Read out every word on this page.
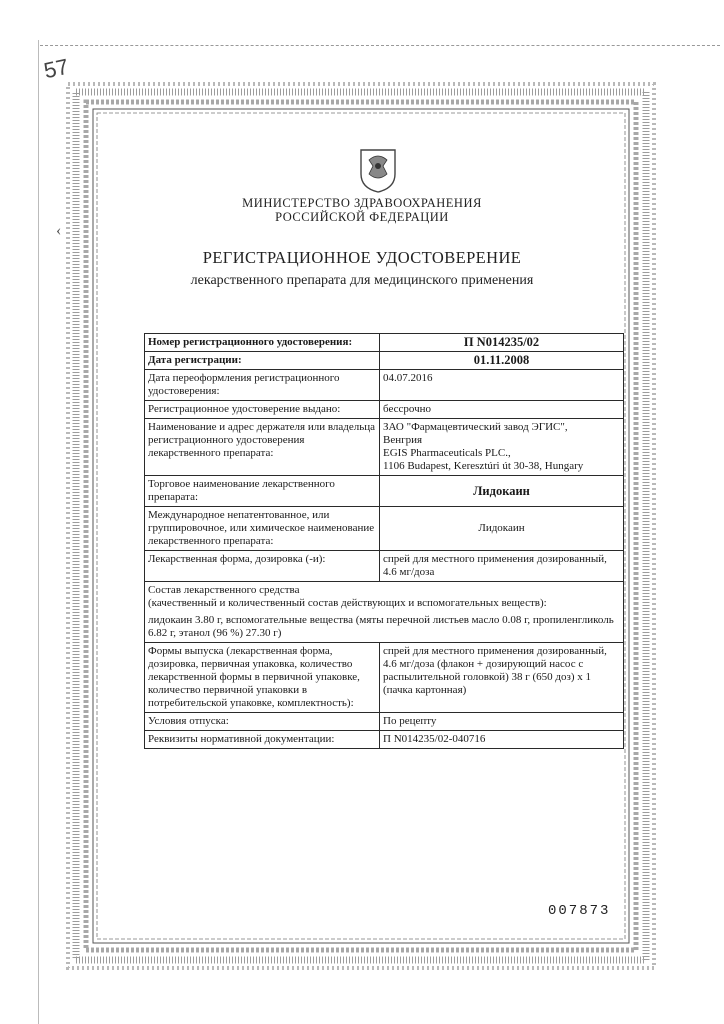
57
‹
МИНИСТЕРСТВО ЗДРАВООХРАНЕНИЯ
РОССИЙСКОЙ ФЕДЕРАЦИИ
РЕГИСТРАЦИОННОЕ УДОСТОВЕРЕНИЕ
лекарственного препарата для медицинского применения
Номер регистрационного удостоверения:	П N014235/02
Дата регистрации:	01.11.2008
Дата переоформления регистрационного удостоверения:	04.07.2016
Регистрационное удостоверение выдано:	бессрочно
Наименование и адрес держателя или владельца регистрационного удостоверения лекарственного препарата:	ЗАО "Фармацевтический завод ЭГИС",
Венгрия
EGIS Pharmaceuticals PLC.,
1106 Budapest, Keresztúri út 30-38, Hungary

Торговое наименование лекарственного препарата:	Лидокаин
Международное непатентованное, или группировочное, или химическое наименование лекарственного препарата:	Лидокаин
Лекарственная форма, дозировка (-и):	спрей для местного применения дозированный, 4.6 мг/доза

Состав лекарственного средства
(качественный и количественный состав действующих и вспомогательных веществ):	

лидокаин 3.80 г, вспомогательные вещества (мяты перечной листьев масло 0.08 г, пропиленгликоль 6.82 г, этанол (96 %) 27.30 г)	
Формы выпуска (лекарственная форма, дозировка, первичная упаковка, количество лекарственной формы в первичной упаковке, количество первичной упаковки в потребительской упаковке, комплектность):	спрей для местного применения дозированный, 4.6 мг/доза (флакон + дозирующий насос с распылительной головкой) 38 г (650 доз) х 1 (пачка картонная)
Условия отпуска:	По рецепту
Реквизиты нормативной документации:	П N014235/02-040716
007873
